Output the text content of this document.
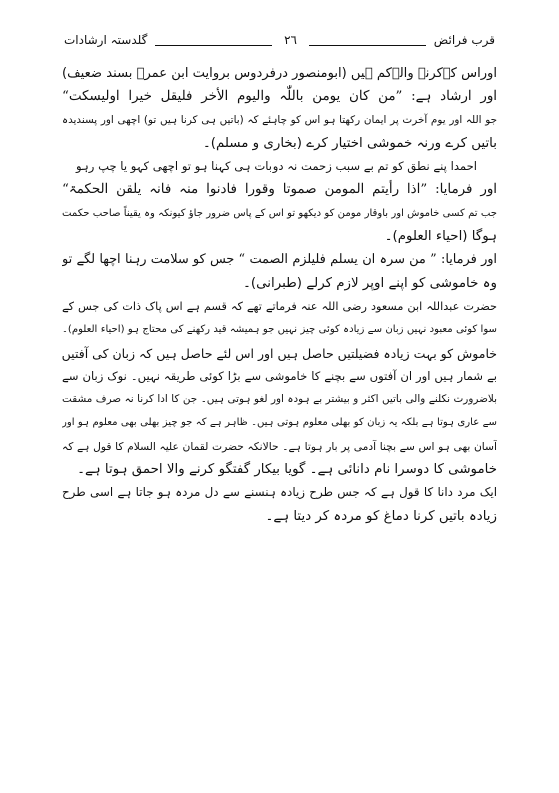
قرب فرائض
٢٦
گلدستہ ارشادات
اوراس کےکرنے والےکم ہیں (ابومنصور درفردوس بروایت ابن عمرؓ بسند ضعیف)
اور ارشاد ہے: ”من کان یومن باللّٰہ والیوم الأخر فلیقل خیرا اولیسکت“
جو اللہ اور یوم آخرت پر ایمان رکھتا ہو اس کو چاہئے کہ (باتیں ہی کرنا ہیں تو) اچھی اور پسندیدہ
باتیں کرے ورنہ خموشی اختیار کرے (بخاری و مسلم)۔
احمدا پنے نطق کو تم بے سبب زحمت نہ دو
بات ہی کہنا ہو تو اچھی کہو یا چپ رہو
اور فرمایا: ”اذا رأیتم المومن صموتا وقورا فادنوا منہ فانہ یلقن الحکمۃ“
جب تم کسی خاموش اور باوقار مومن کو دیکھو تو اس کے پاس ضرور جاؤ کیونکہ وہ یقیناً صاحب حکمت
ہوگا (احیاء العلوم)۔
اور فرمایا: ” من سرہ ان یسلم فلیلزم الصمت “ جس کو سلامت رہنا اچھا لگے تو
وہ خاموشی کو اپنے اوپر لازم کرلے (طبرانی)۔
حضرت عبداللہ ابن مسعود رضی اللہ عنہ فرماتے تھے کہ قسم ہے اس پاک ذات کی جس کے
سوا کوئی معبود نہیں زبان سے زیادہ کوئی چیز نہیں جو ہمیشہ قید رکھنے کی محتاج ہو (احیاء العلوم)۔
خاموش کو بہت زیادہ فضیلتیں حاصل ہیں اور اس لئے حاصل ہیں کہ زبان کی آفتیں
بے شمار ہیں اور ان آفتوں سے بچنے کا خاموشی سے بڑا کوئی طریقہ نہیں۔ نوک زبان سے
بلاضرورت نکلنے والی باتیں اکثر و بیشتر بے ہودہ اور لغو ہوتی ہیں۔ جن کا ادا کرنا نہ صرف مشقت
سے عاری ہوتا ہے بلکہ یہ زبان کو بھلی معلوم ہوتی ہیں۔ ظاہر ہے کہ جو چیز بھلی بھی معلوم ہو اور
آسان بھی ہو اس سے بچنا آدمی پر بار ہوتا ہے۔ حالانکہ حضرت لقمان علیہ السلام کا قول ہے کہ
خاموشی کا دوسرا نام دانائی ہے۔ گویا بیکار گفتگو کرنے والا احمق ہوتا ہے۔
ایک مرد دانا کا قول ہے کہ جس طرح زیادہ ہنسنے سے دل مردہ ہو جاتا ہے اسی طرح
زیادہ باتیں کرنا دماغ کو مردہ کر دیتا ہے۔
